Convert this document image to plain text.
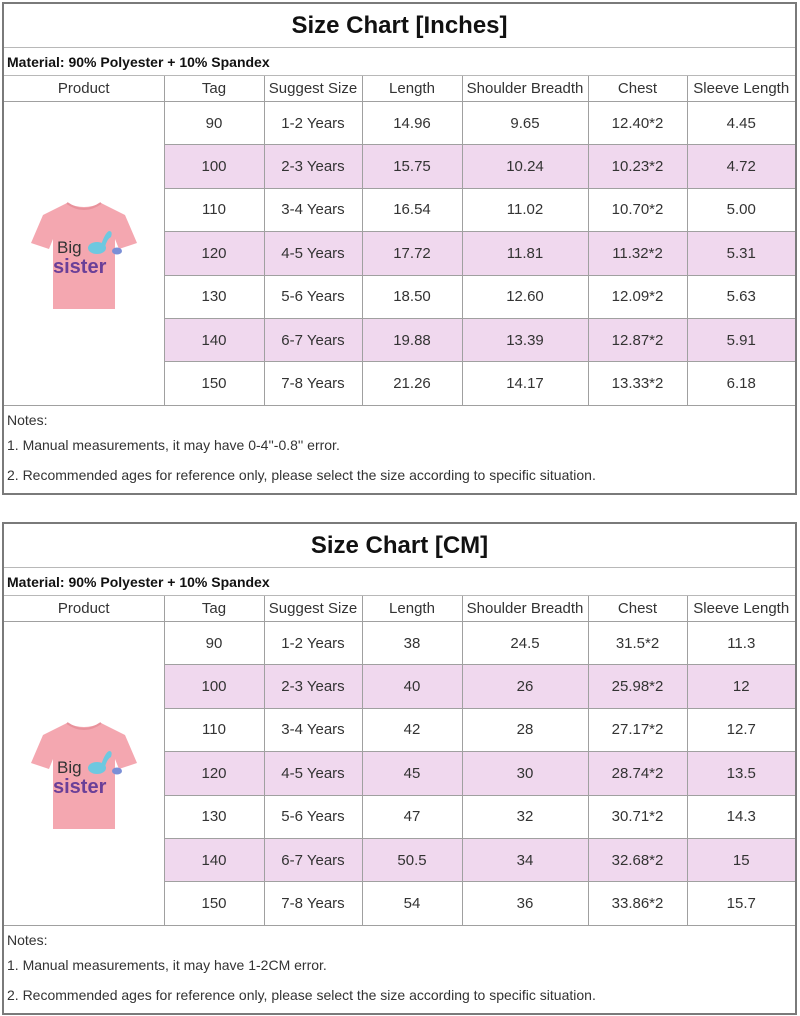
Size Chart [Inches]
Material: 90% Polyester + 10% Spandex
Product	Tag	Suggest Size	Length	Shoulder Breadth	Chest	Sleeve Length

Big
sister	90	1-2 Years	14.96	9.65	12.40*2	4.45
	100	2-3 Years	15.75	10.24	10.23*2	4.72
	110	3-4 Years	16.54	11.02	10.70*2	5.00
	120	4-5 Years	17.72	11.81	11.32*2	5.31
	130	5-6 Years	18.50	12.60	12.09*2	5.63
	140	6-7 Years	19.88	13.39	12.87*2	5.91
	150	7-8 Years	21.26	14.17	13.33*2	6.18
Notes:
1. Manual measurements, it may have 0-4''-0.8'' error.
2. Recommended ages for reference only, please select the size according to specific situation.
Size Chart [CM]
Material: 90% Polyester + 10% Spandex
Product	Tag	Suggest Size	Length	Shoulder Breadth	Chest	Sleeve Length

Big
sister	90	1-2 Years	38	24.5	31.5*2	11.3
	100	2-3 Years	40	26	25.98*2	12
	110	3-4 Years	42	28	27.17*2	12.7
	120	4-5 Years	45	30	28.74*2	13.5
	130	5-6 Years	47	32	30.71*2	14.3
	140	6-7 Years	50.5	34	32.68*2	15
	150	7-8 Years	54	36	33.86*2	15.7
Notes:
1. Manual measurements, it may have 1-2CM error.
2. Recommended ages for reference only, please select the size according to specific situation.
